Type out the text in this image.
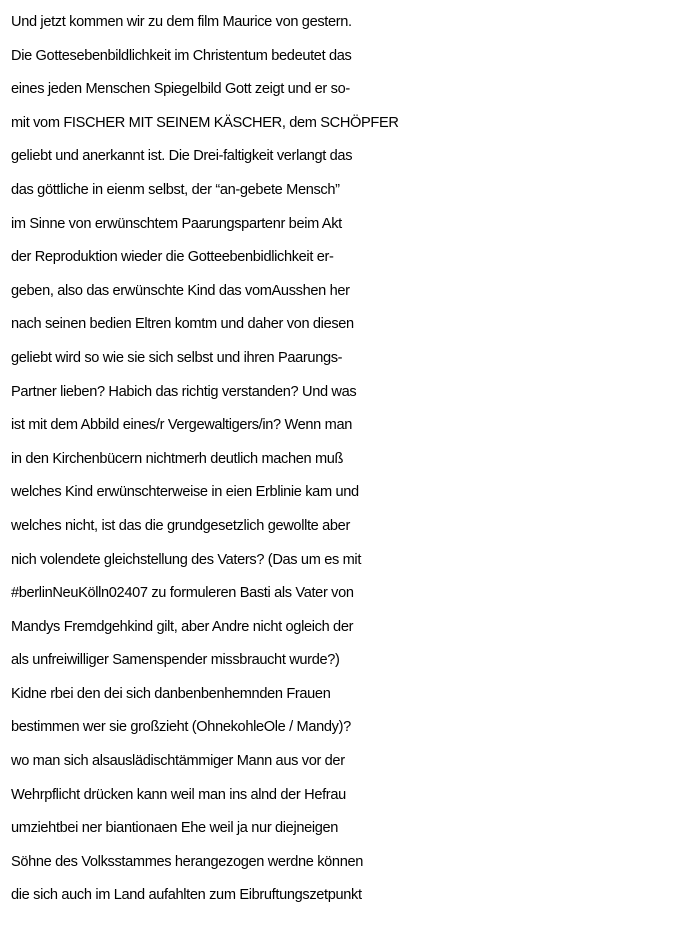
Und jetzt kommen wir zu dem film Maurice von gestern.
Die Gottesebenbildlichkeit im Christentum bedeutet das
eines jeden Menschen Spiegelbild Gott zeigt und er so-
mit vom FISCHER MIT SEINEM KÄSCHER, dem SCHÖPFER
geliebt und anerkannt ist. Die Drei-faltigkeit verlangt das
das göttliche in eienm selbst, der “an-gebete Mensch”
im Sinne von erwünschtem Paarungspartenr beim Akt
der Reproduktion wieder die Gotteebenbidlichkeit er-
geben, also das erwünschte Kind das vomAusshen her
nach seinen bedien Eltren komtm und daher von diesen
geliebt wird so wie sie sich selbst und ihren Paarungs-
Partner lieben? Habich das richtig verstanden? Und was
ist mit dem Abbild eines/r Vergewaltigers/in? Wenn man
in den Kirchenbücern nichtmerh deutlich machen muß
welches Kind erwünschterweise in eien Erblinie kam und
welches nicht, ist das die grundgesetzlich gewollte aber
nich volendete gleichstellung des Vaters? (Das um es mit
#berlinNeuKölln02407 zu formuleren Basti als Vater von
Mandys Fremdgehkind gilt, aber Andre nicht ogleich der
als unfreiwilliger Samenspender missbraucht wurde?)
Kidne rbei den dei sich danbenbenhemnden Frauen
bestimmen wer sie großzieht (OhnekohleOle / Mandy)?
wo man sich alsauslädischtämmiger Mann aus vor der
Wehrpflicht drücken kann weil man ins alnd der Hefrau
umziehtbei ner biantionaen Ehe weil ja nur diejneigen
Söhne des Volksstammes herangezogen werdne können
die sich auch im Land aufahlten zum Eibruftungszetpunkt
